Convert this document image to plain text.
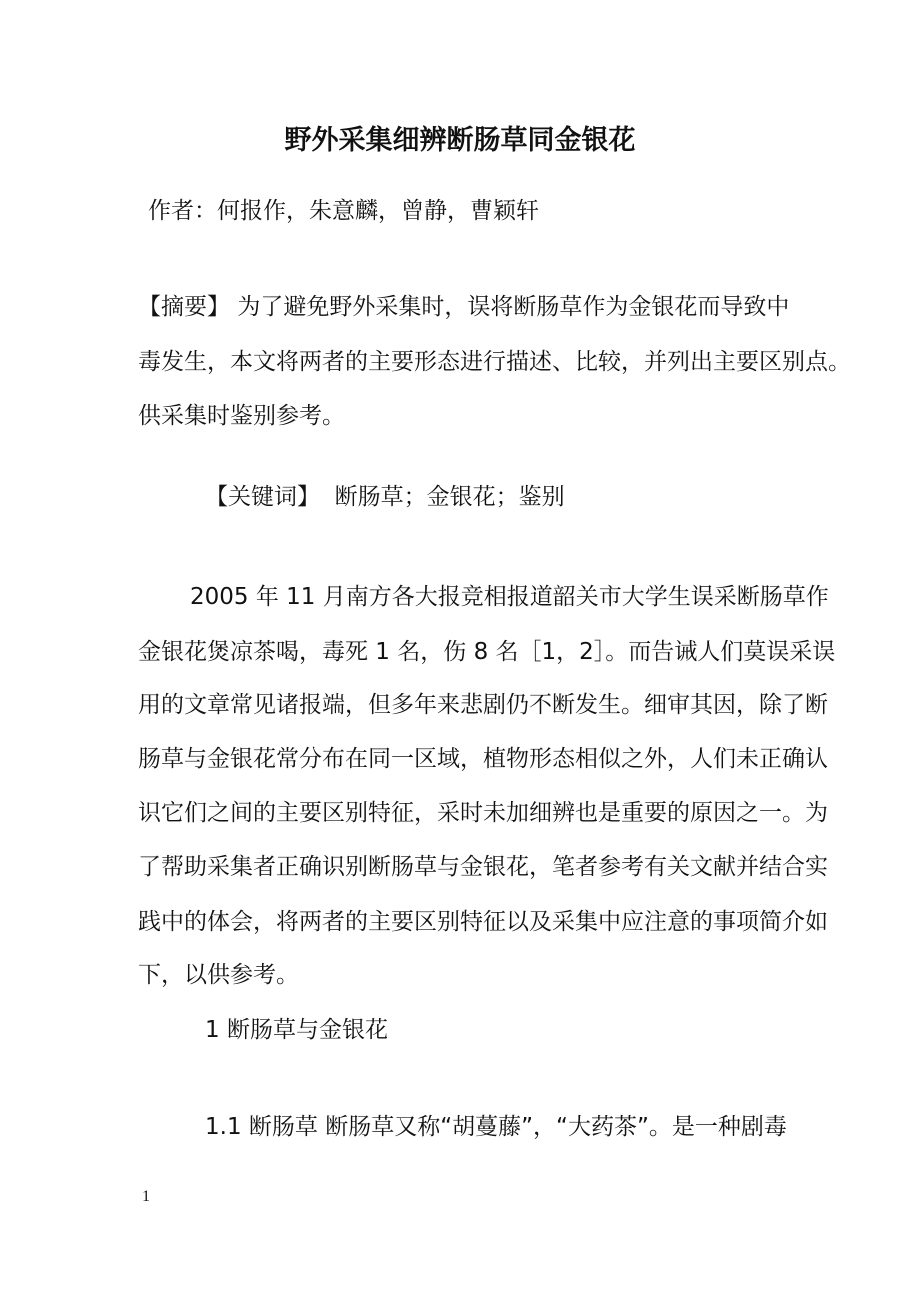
野外采集细辨断肠草同金银花
作者：何报作，朱意麟，曾静，曹颖轩
【摘要】 为了避免野外采集时，误将断肠草作为金银花而导致中
毒发生，本文将两者的主要形态进行描述、比较，并列出主要区别点。
供采集时鉴别参考。
【关键词】 断肠草；金银花；鉴别
2005 年 11 月南方各大报竞相报道韶关市大学生误采断肠草作
金银花煲凉茶喝，毒死 1 名，伤 8 名［1，2］。而告诫人们莫误采误
用的文章常见诸报端，但多年来悲剧仍不断发生。细审其因，除了断
肠草与金银花常分布在同一区域，植物形态相似之外，人们未正确认
识它们之间的主要区别特征，采时未加细辨也是重要的原因之一。为
了帮助采集者正确识别断肠草与金银花，笔者参考有关文献并结合实
践中的体会，将两者的主要区别特征以及采集中应注意的事项简介如
下，以供参考。
1 断肠草与金银花
1.1 断肠草 断肠草又称“胡蔓藤”，“大药茶”。是一种剧毒
1
